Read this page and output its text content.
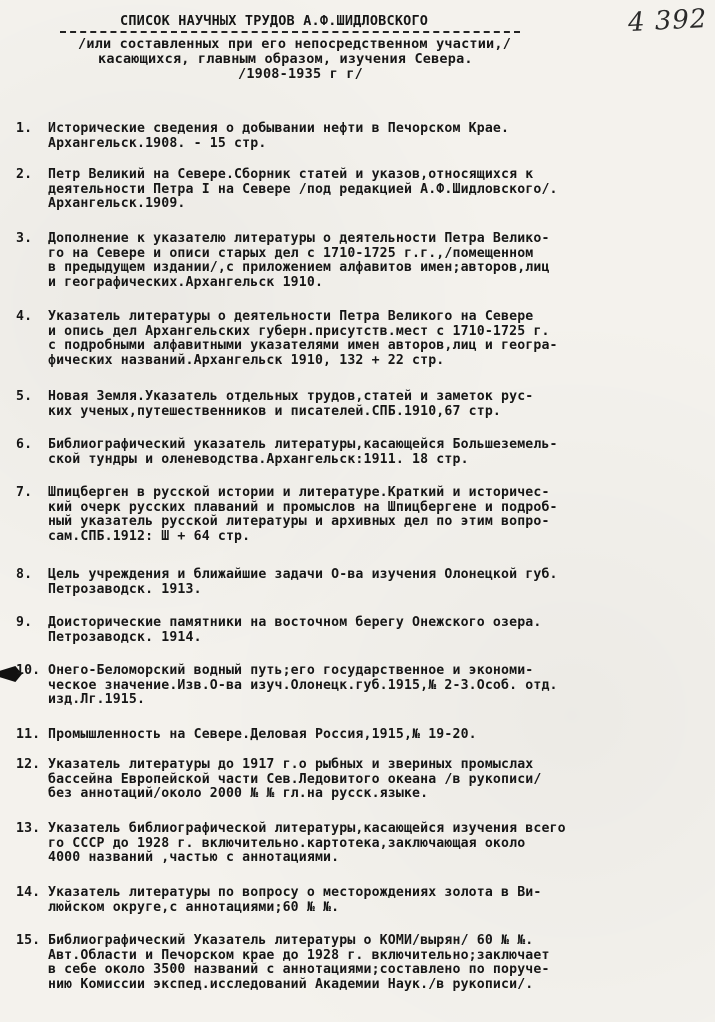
4 392
СПИСОК НАУЧНЫХ ТРУДОВ А.Ф.ШИДЛОВСКОГО
/или составленных при его непосредственном участии,/
касающихся, главным образом, изучения Севера.
/1908-1935 г г/
1.	Исторические сведения о добывании нефти в Печорском Крае.
Архангельск.1908. - 15 стр.
2.	Петр Великий на Севере.Сборник статей и указов,относящихся к
деятельности Петра I на Севере /под редакцией А.Ф.Шидловского/.
Архангельск.1909.
3.	Дополнение к указателю литературы о деятельности Петра Велико-
го на Севере и описи старых дел с 1710-1725 г.г.,/помещенном
в предыдущем издании/,с приложением алфавитов имен;авторов,лиц
и географических.Архангельск 1910.
4.	Указатель литературы о деятельности Петра Великого на Севере
и опись дел Архангельских губерн.присутств.мест с 1710-1725 г.
с подробными алфавитными указателями имен авторов,лиц и геогра-
фических названий.Архангельск 1910, 132 + 22 стр.
5.	Новая Земля.Указатель отдельных трудов,статей и заметок рус-
ких ученых,путешественников и писателей.СПБ.1910,67 стр.
6.	Библиографический указатель литературы,касающейся Большеземель-
ской тундры и оленеводства.Архангельск:1911. 18 стр.
7.	Шпицберген в русской истории и литературе.Краткий и историчес-
кий очерк русских плаваний и промыслов на Шпицбергене и подроб-
ный указатель русской литературы и архивных дел по этим вопро-
сам.СПБ.1912: Ш + 64 стр.
8.	Цель учреждения и ближайшие задачи О-ва изучения Олонецкой губ.
Петрозаводск. 1913.
9.	Доисторические памятники на восточном берегу Онежского озера.
Петрозаводск. 1914.
10. Онего-Беломорский водный путь;его государственное и экономи-
ческое значение.Изв.О-ва изуч.Олонецк.губ.1915,№ 2-3.Особ. отд.
изд.Лг.1915.
11. Промышленность на Севере.Деловая Россия,1915,№ 19-20.
12. Указатель литературы до 1917 г.о рыбных и звериных промыслах
бассейна Европейской части Сев.Ледовитого океана /в рукописи/
без аннотаций/около 2000 № № гл.на русск.языке.
13. Указатель библиографической литературы,касающейся изучения всего
го СССР до 1928 г. включительно.картотека,заключающая около
4000 названий ,частью с аннотациями.
14. Указатель литературы по вопросу о месторождениях золота в Ви-
люйском округе,с аннотациями;60 № №.
15. Библиографический Указатель литературы о КОМИ/вырян/ 60 № №.
Авт.Области и Печорском крае до 1928 г. включительно;заключает
в себе около 3500 названий с аннотациями;составлено по поруче-
нию Комиссии экспед.исследований Академии Наук./в рукописи/.
